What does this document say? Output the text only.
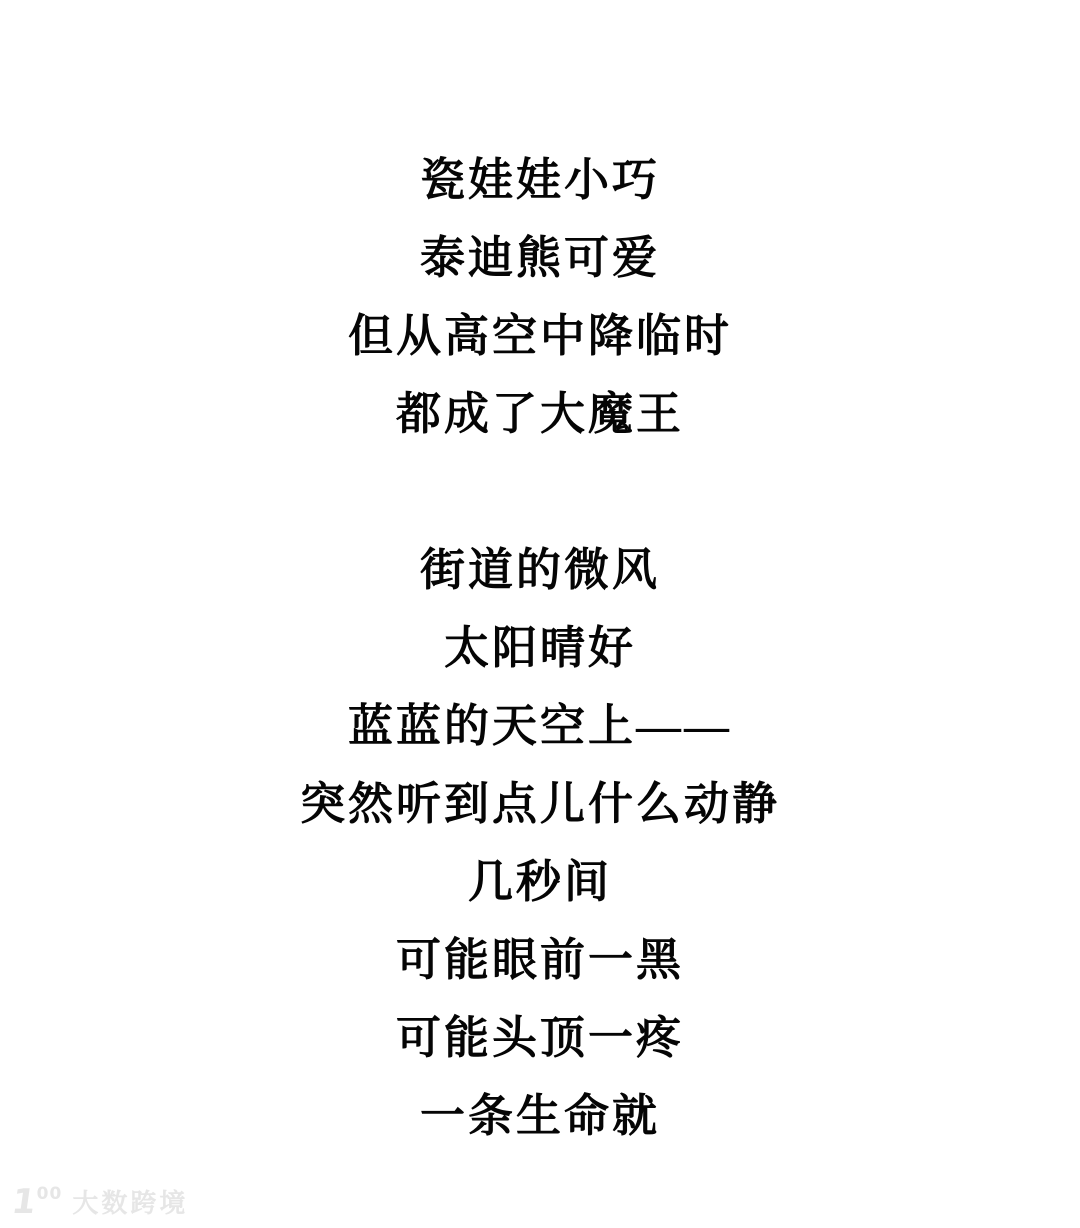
瓷娃娃小巧
泰迪熊可爱
但从高空中降临时
都成了大魔王
街道的微风
太阳晴好
蓝蓝的天空上——
突然听到点儿什么动静
几秒间
可能眼前一黑
可能头顶一疼
一条生命就
1
00 大数跨境
